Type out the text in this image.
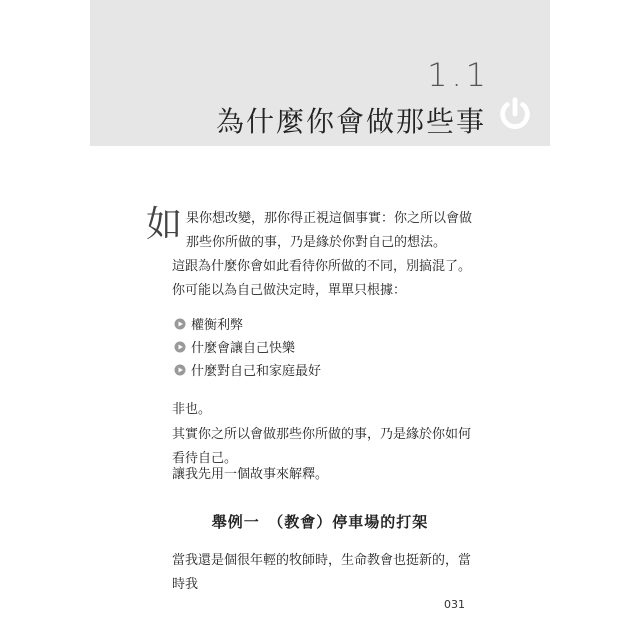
1.1
為什麼你會做那些事
如 果你想改變，那你得正視這個事實：你之所以會做那些你所做的事，乃是緣於你對自己的想法。
這跟為什麼你會如此看待你所做的不同，別搞混了。你可能以為自己做決定時，單單只根據：
權衡利弊
什麼會讓自己快樂
什麼對自己和家庭最好
非也。
其實你之所以會做那些你所做的事，乃是緣於你如何看待自己。
讓我先用一個故事來解釋。
舉例一　（教會）停車場的打架
當我還是個很年輕的牧師時，生命教會也挺新的，當時我
031
